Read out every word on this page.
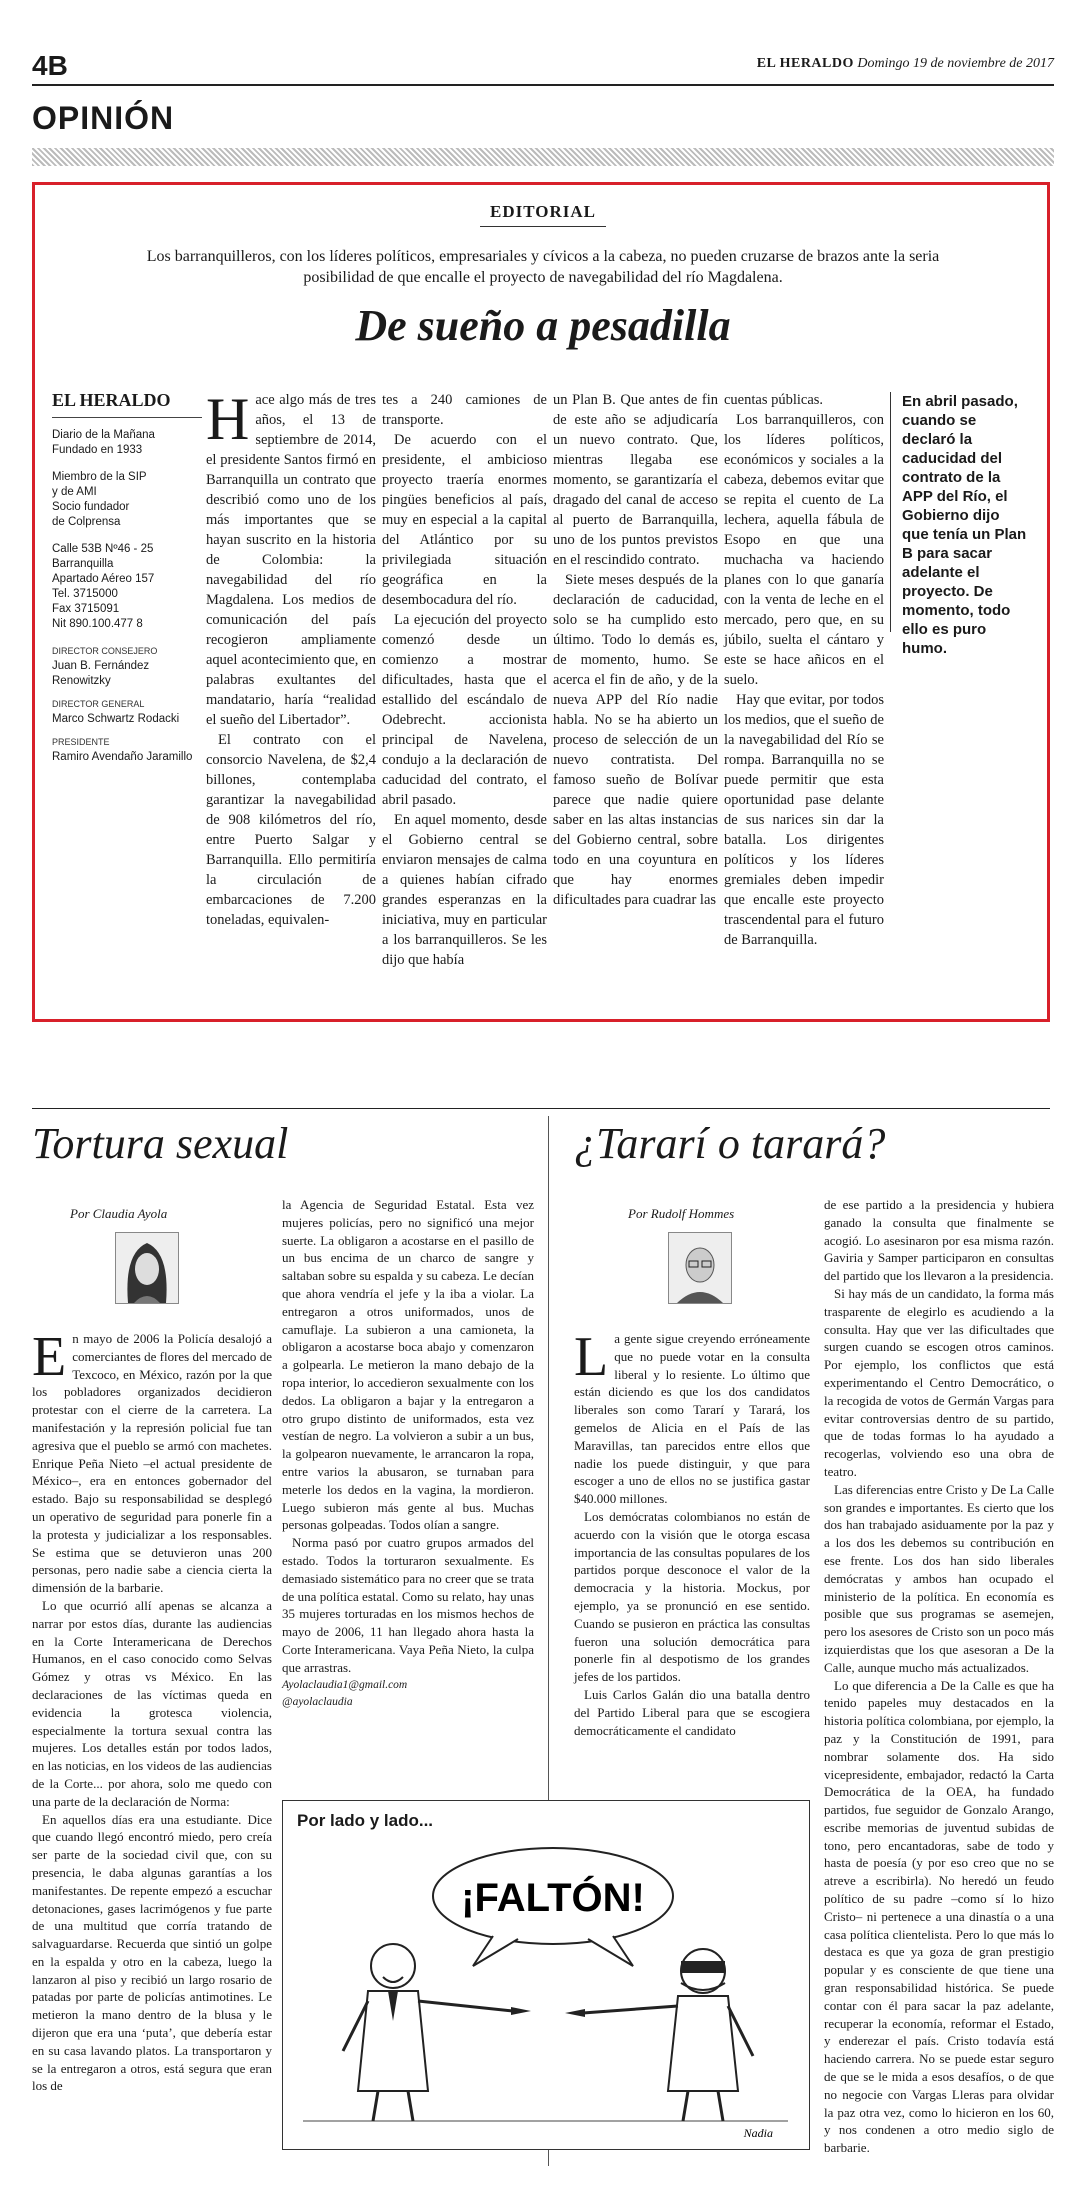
4B	EL HERALDO Domingo 19 de noviembre de 2017
OPINIÓN
EDITORIAL
Los barranquilleros, con los líderes políticos, empresariales y cívicos a la cabeza, no pueden cruzarse de brazos ante la seria posibilidad de que encalle el proyecto de navegabilidad del río Magdalena.
De sueño a pesadilla
EL HERALDO

Diario de la Mañana
Fundado en 1933

Miembro de la SIP
y de AMI
Socio fundador
de Colprensa

Calle 53B Nº46 - 25
Barranquilla
Apartado Aéreo 157
Tel. 3715000
Fax 3715091
Nit 890.100.477 8

DIRECTOR CONSEJERO
Juan B. Fernández Renowitzky
DIRECTOR GENERAL
Marco Schwartz Rodacki
PRESIDENTE
Ramiro Avendaño Jaramillo

Hace algo más de tres años, el 13 de septiembre de 2014, el presidente Santos firmó en Barranquilla un contrato que describió como uno de los más importantes que se hayan suscrito en la historia de Colombia: la navegabilidad del río Magdalena. Los medios de comunicación del país recogieron ampliamente aquel acontecimiento que, en palabras exultantes del mandatario, haría “realidad el sueño del Libertador”.

El contrato con el consorcio Navelena, de $2,4 billones, contemplaba garantizar la navegabilidad de 908 kilómetros del río, entre Puerto Salgar y Barranquilla. Ello permitiría la circulación de embarcaciones de 7.200 toneladas, equivalen-

tes a 240 camiones de transporte.

De acuerdo con el presidente, el ambicioso proyecto traería enormes pingües beneficios al país, muy en especial a la capital del Atlántico por su privilegiada situación geográfica en la desembocadura del río.

La ejecución del proyecto comenzó desde un comienzo a mostrar dificultades, hasta que el estallido del escándalo de Odebrecht. accionista principal de Navelena, condujo a la declaración de caducidad del contrato, el abril pasado.

En aquel momento, desde el Gobierno central se enviaron mensajes de calma a quienes habían cifrado grandes esperanzas en la iniciativa, muy en particular a los barranquilleros. Se les dijo que había

un Plan B. Que antes de fin de este año se adjudicaría un nuevo contrato. Que, mientras llegaba ese momento, se garantizaría el dragado del canal de acceso al puerto de Barranquilla, uno de los puntos previstos en el rescindido contrato.

Siete meses después de la declaración de caducidad, solo se ha cumplido esto último. Todo lo demás es, de momento, humo. Se acerca el fin de año, y de la nueva APP del Río nadie habla. No se ha abierto un proceso de selección de un nuevo contratista. Del famoso sueño de Bolívar parece que nadie quiere saber en las altas instancias del Gobierno central, sobre todo en una coyuntura en que hay enormes dificultades para cuadrar las

cuentas públicas.

Los barranquilleros, con los líderes políticos, económicos y sociales a la cabeza, debemos evitar que se repita el cuento de La lechera, aquella fábula de Esopo en que una muchacha va haciendo planes con lo que ganaría con la venta de leche en el mercado, pero que, en su júbilo, suelta el cántaro y este se hace añicos en el suelo.

Hay que evitar, por todos los medios, que el sueño de la navegabilidad del Río se rompa. Barranquilla no se puede permitir que esta oportunidad pase delante de sus narices sin dar la batalla. Los dirigentes políticos y los líderes gremiales deben impedir que encalle este proyecto trascendental para el futuro de Barranquilla.

En abril pasado, cuando se declaró la caducidad del contrato de la APP del Río, el Gobierno dijo que tenía un Plan B para sacar adelante el proyecto. De momento, todo ello es puro humo.
Tortura sexual
Por Claudia Ayola

En mayo de 2006 la Policía desalojó a comerciantes de flores del mercado de Texcoco, en México, razón por la que los pobladores organizados decidieron protestar con el cierre de la carretera. La manifestación y la represión policial fue tan agresiva que el pueblo se armó con machetes. Enrique Peña Nieto –el actual presidente de México–, era en entonces gobernador del estado. Bajo su responsabilidad se desplegó un operativo de seguridad para ponerle fin a la protesta y judicializar a los responsables. Se estima que se detuvieron unas 200 personas, pero nadie sabe a ciencia cierta la dimensión de la barbarie.

Lo que ocurrió allí apenas se alcanza a narrar por estos días, durante las audiencias en la Corte Interamericana de Derechos Humanos, en el caso conocido como Selvas Gómez y otras vs México. En las declaraciones de las víctimas queda en evidencia la grotesca violencia, especialmente la tortura sexual contra las mujeres. Los detalles están por todos lados, en las noticias, en los videos de las audiencias de la Corte... por ahora, solo me quedo con una parte de la declaración de Norma:

En aquellos días era una estudiante. Dice que cuando llegó encontró miedo, pero creía ser parte de la sociedad civil que, con su presencia, le daba algunas garantías a los manifestantes. De repente empezó a escuchar detonaciones, gases lacrimógenos y fue parte de una multitud que corría tratando de salvaguardarse. Recuerda que sintió un golpe en la espalda y otro en la cabeza, luego la lanzaron al piso y recibió un largo rosario de patadas por parte de policías antimotines. Le metieron la mano dentro de la blusa y le dijeron que era una ‘puta’, que debería estar en su casa lavando platos. La transportaron y se la entregaron a otros, está segura que eran los de

la Agencia de Seguridad Estatal. Esta vez mujeres policías, pero no significó una mejor suerte. La obligaron a acostarse en el pasillo de un bus encima de un charco de sangre y saltaban sobre su espalda y su cabeza. Le decían que ahora vendría el jefe y la iba a violar. La entregaron a otros uniformados, unos de camuflaje. La subieron a una camioneta, la obligaron a acostarse boca abajo y comenzaron a golpearla. Le metieron la mano debajo de la ropa interior, lo accedieron sexualmente con los dedos. La obligaron a bajar y la entregaron a otro grupo distinto de uniformados, esta vez vestían de negro. La volvieron a subir a un bus, la golpearon nuevamente, le arrancaron la ropa, entre varios la abusaron, se turnaban para meterle los dedos en la vagina, la mordieron. Luego subieron más gente al bus. Muchas personas golpeadas. Todos olían a sangre.

Norma pasó por cuatro grupos armados del estado. Todos la torturaron sexualmente. Es demasiado sistemático para no creer que se trata de una política estatal. Como su relato, hay unas 35 mujeres torturadas en los mismos hechos de mayo de 2006, 11 han llegado ahora hasta la Corte Interamericana. Vaya Peña Nieto, la culpa que arrastras.

Ayolaclaudia1@gmail.com

@ayolaclaudia

¿Tararí o tarará?
Por Rudolf Hommes

La gente sigue creyendo erróneamente que no puede votar en la consulta liberal y lo resiente. Lo último que están diciendo es que los dos candidatos liberales son como Tararí y Tarará, los gemelos de Alicia en el País de las Maravillas, tan parecidos entre ellos que nadie los puede distinguir, y que para escoger a uno de ellos no se justifica gastar $40.000 millones.

Los demócratas colombianos no están de acuerdo con la visión que le otorga escasa importancia de las consultas populares de los partidos porque desconoce el valor de la democracia y la historia. Mockus, por ejemplo, ya se pronunció en ese sentido. Cuando se pusieron en práctica las consultas fueron una solución democrática para ponerle fin al despotismo de los grandes jefes de los partidos.

Luis Carlos Galán dio una batalla dentro del Partido Liberal para que se escogiera democráticamente el candidato

de ese partido a la presidencia y hubiera ganado la consulta que finalmente se acogió. Lo asesinaron por esa misma razón. Gaviria y Samper participaron en consultas del partido que los llevaron a la presidencia.

Si hay más de un candidato, la forma más trasparente de elegirlo es acudiendo a la consulta. Hay que ver las dificultades que surgen cuando se escogen otros caminos. Por ejemplo, los conflictos que está experimentando el Centro Democrático, o la recogida de votos de Germán Vargas para evitar controversias dentro de su partido, que de todas formas lo ha ayudado a recogerlas, volviendo eso una obra de teatro.

Las diferencias entre Cristo y De La Calle son grandes e importantes. Es cierto que los dos han trabajado asiduamente por la paz y a los dos les debemos su contribución en ese frente. Los dos han sido liberales demócratas y ambos han ocupado el ministerio de la política. En economía es posible que sus programas se asemejen, pero los asesores de Cristo son un poco más izquierdistas que los que asesoran a De la Calle, aunque mucho más actualizados.

Lo que diferencia a De la Calle es que ha tenido papeles muy destacados en la historia política colombiana, por ejemplo, la paz y la Constitución de 1991, para nombrar solamente dos. Ha sido vicepresidente, embajador, redactó la Carta Democrática de la OEA, ha fundado partidos, fue seguidor de Gonzalo Arango, escribe memorias de juventud subidas de tono, pero encantadoras, sabe de todo y hasta de poesía (y por eso creo que no se atreve a escribirla). No heredó un feudo político de su padre –como sí lo hizo Cristo– ni pertenece a una dinastía o a una casa política clientelista. Pero lo que más lo destaca es que ya goza de gran prestigio popular y es consciente de que tiene una gran responsabilidad histórica. Se puede contar con él para sacar la paz adelante, recuperar la economía, reformar el Estado, y enderezar el país. Cristo todavía está haciendo carrera. No se puede estar seguro de que se le mida a esos desafíos, o de que no negocie con Vargas Lleras para olvidar la paz otra vez, como lo hicieron en los 60, y nos condenen a otro medio siglo de barbarie.

Por lado y lado...
¡FALTÓN!
Nadia
